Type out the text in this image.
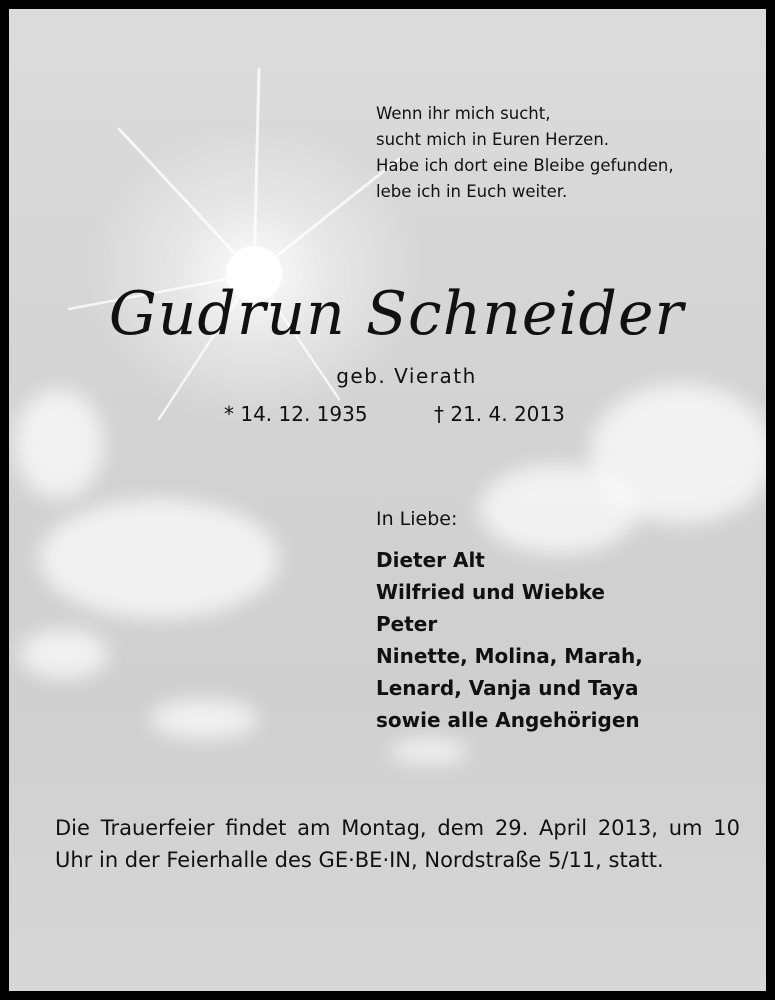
Wenn ihr mich sucht,
sucht mich in Euren Herzen.
Habe ich dort eine Bleibe gefunden,
lebe ich in Euch weiter.
Gudrun Schneider
geb. Vierath
* 14. 12. 1935	† 21. 4. 2013
In Liebe:
Dieter Alt
Wilfried und Wiebke
Peter
Ninette, Molina, Marah,
Lenard, Vanja und Taya
sowie alle Angehörigen
Die Trauerfeier findet am Montag, dem 29. April 2013, um 10 Uhr in der Feierhalle des GE·BE·IN, Nordstraße 5/11, statt.
